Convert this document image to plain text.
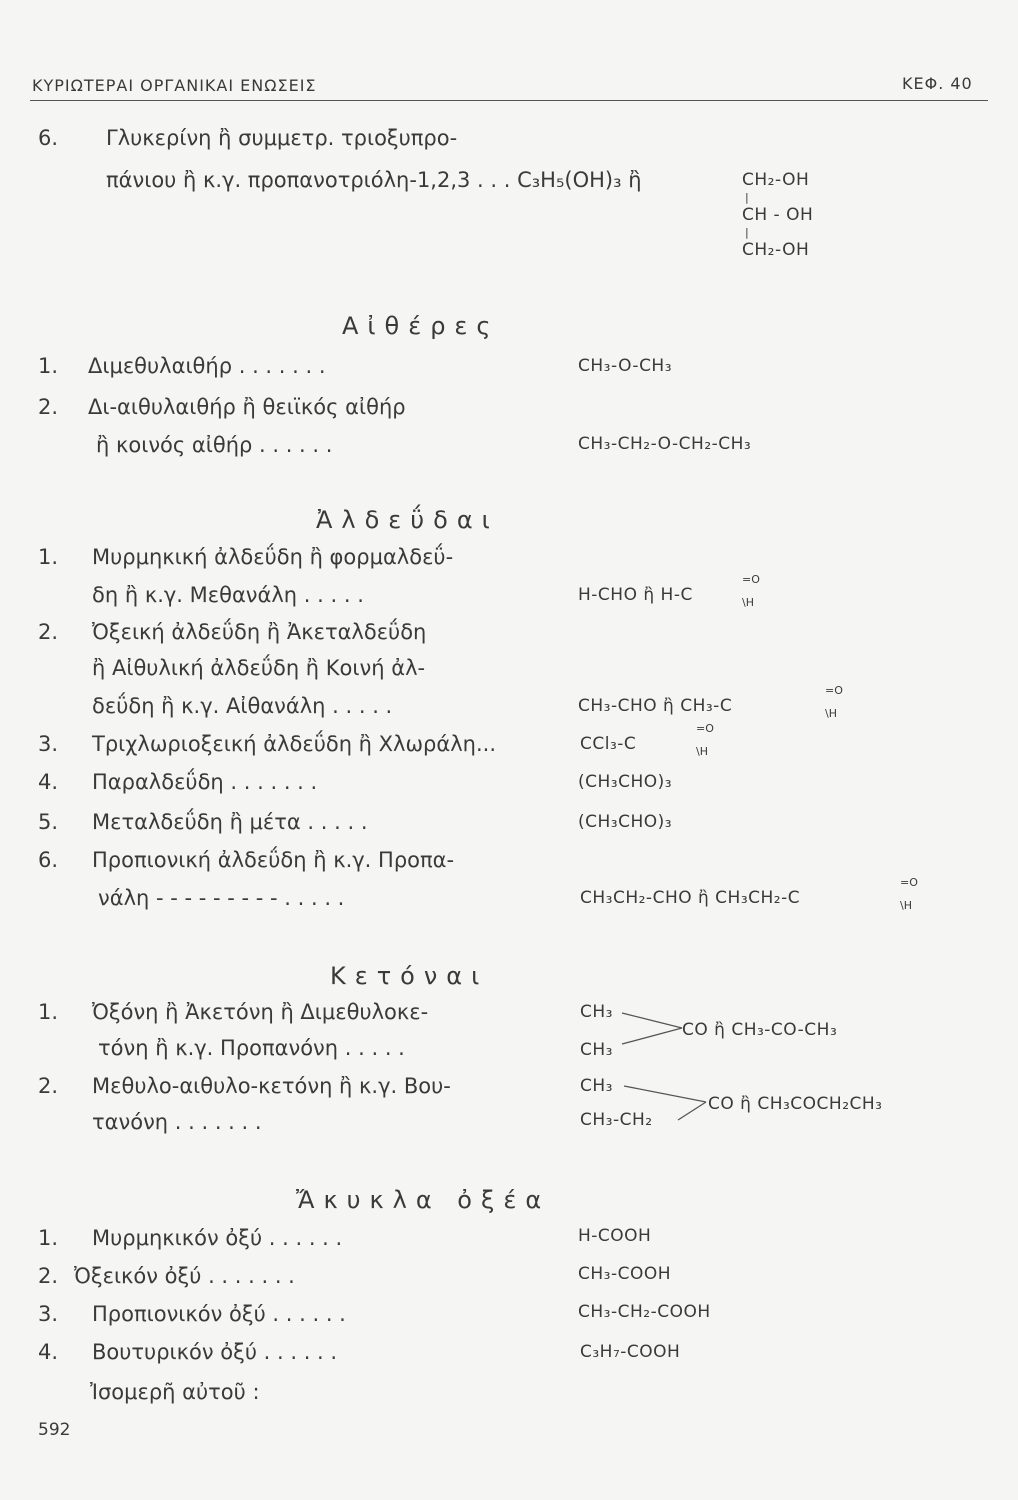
ΚΥΡΙΩΤΕΡΑΙ ΟΡΓΑΝΙΚΑΙ ΕΝΩΣΕΙΣ	ΚΕΦ. 40
6. Γλυκερίνη ἢ συμμετρ. τριοξυπρο-
πάνιου ἢ κ.γ. προπανοτριόλη-1,2,3 . . . C₃H₅(OH)₃ ἢ	CH₂-OH
|
CH - OH
|
CH₂-OH
Αἰθέρες
1. Διμεθυλαιθήρ . . . . . . .	CH₃-O-CH₃
2. Δι-αιθυλαιθήρ ἢ θειϊκός αἰθήρ
ἢ κοινός αἰθήρ . . . . . .	CH₃-CH₂-O-CH₂-CH₃
Ἀλδεΰδαι
1. Μυρμηκική ἀλδεΰδη ἢ φορμαλδεΰ-
δη ἢ κ.γ. Μεθανάλη . . . . .	H-CHO ἢ H-C
=O
\H
2. Ὀξεική ἀλδεΰδη ἢ Ἀκεταλδεΰδη
ἢ Αἰθυλική ἀλδεΰδη ἢ Κοινή ἀλ-
δεΰδη ἢ κ.γ. Αἰθανάλη . . . . .	CH₃-CHO ἢ CH₃-C
=O
\H
3. Τριχλωριοξεική ἀλδεΰδη ἢ Χλωράλη...	CCl₃-C
=O
\H
4. Παραλδεΰδη . . . . . . .	(CH₃CHO)₃
5. Μεταλδεΰδη ἢ μέτα . . . . .	(CH₃CHO)₃
6. Προπιονική ἀλδεΰδη ἢ κ.γ. Προπα-
νάλη - - - - - - - - - . . . . .	CH₃CH₂-CHO ἢ CH₃CH₂-C
=O
\H
Κετόναι
1. Ὀξόνη ἢ Ἀκετόνη ἢ Διμεθυλοκε-
τόνη ἢ κ.γ. Προπανόνη . . . . .
CH₃
CH₃
CO ἢ CH₃-CO-CH₃
2. Μεθυλο-αιθυλο-κετόνη ἢ κ.γ. Βου-
τανόνη . . . . . . .
CH₃
CH₃-CH₂
CO ἢ CH₃COCH₂CH₃
Ἄκυκλα ὀξέα
1. Μυρμηκικόν ὀξύ . . . . . .	H-COOH
2. Ὀξεικόν ὀξύ . . . . . . .	CH₃-COOH
3. Προπιονικόν ὀξύ . . . . . .	CH₃-CH₂-COOH
4. Βουτυρικόν ὀξύ . . . . . .	C₃H₇-COOH
Ἰσομερῆ αὐτοῦ :
592
